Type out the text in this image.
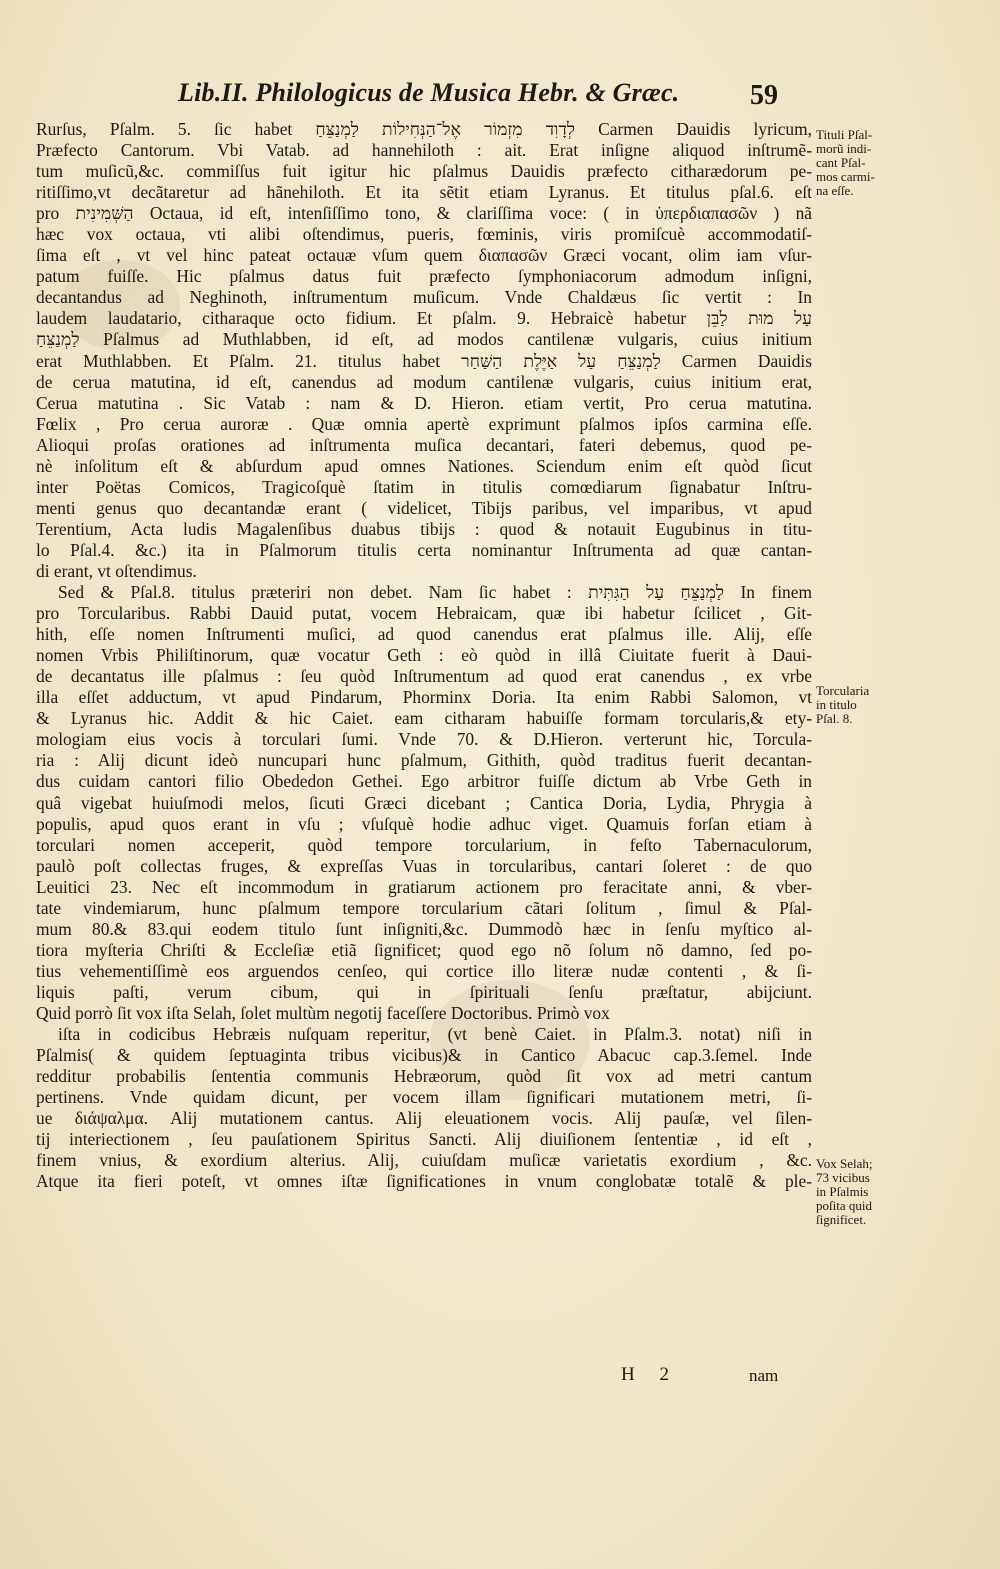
Lib.II. Philologicus de Musica Hebr. & Græc.	59
Rurſus, Pſalm. 5. ſic habet לְדָוִד מִזְמוֹר אֶל־הַנְּחִילוֹת לַמְנַצֵּחַ Carmen Dauidis lyricum,
Præfecto Cantorum. Vbi Vatab. ad hannehiloth : ait. Erat inſigne aliquod inſtrumẽ-
tum muſicũ,&c. commiſſus fuit igitur hic pſalmus Dauidis præfecto citharædorum pe-
ritiſſimo,vt decãtaretur ad hãnehiloth. Et ita sẽtit etiam Lyranus. Et titulus pſal.6. eſt
pro הַשְּׁמִינִית Octaua, id eſt, intenſiſſimo tono, & clariſſima voce: ( in ὑπερδιαπασῶν ) nã
hæc vox octaua, vti alibi oſtendimus, pueris, fœminis, viris promiſcuè accommodatiſ-
ſima eſt , vt vel hinc pateat octauæ vſum quem διαπασῶν Græci vocant, olim iam vſur-
patum fuiſſe. Hic pſalmus datus fuit præfecto ſymphoniacorum admodum inſigni,
decantandus ad Neghinoth, inſtrumentum muſicum. Vnde Chaldæus ſic vertit : In
laudem laudatario, citharaque octo fidium. Et pſalm. 9. Hebraicè habetur עַל מוּת לַבֵּן
לַמְנַצֵּחַ Pſalmus ad Muthlabben, id eſt, ad modos cantilenæ vulgaris, cuius initium
erat Muthlabben. Et Pſalm. 21. titulus habet לַמְנַצֵּחַ עַל אַיֶּלֶת הַשַּׁחַר Carmen Dauidis
de cerua matutina, id eſt, canendus ad modum cantilenæ vulgaris, cuius initium erat,
Cerua matutina . Sic Vatab : nam & D. Hieron. etiam vertit, Pro cerua matutina.
Fœlix , Pro cerua auroræ . Quæ omnia apertè exprimunt pſalmos ipſos carmina eſſe.
Alioqui proſas orationes ad inſtrumenta muſica decantari, fateri debemus, quod pe-
nè inſolitum eſt & abſurdum apud omnes Nationes. Sciendum enim eſt quòd ſicut
inter Poëtas Comicos, Tragicoſquè ſtatim in titulis comœdiarum ſignabatur Inſtru-
menti genus quo decantandæ erant ( videlicet, Tibijs paribus, vel imparibus, vt apud
Terentium, Acta ludis Magalenſibus duabus tibijs : quod & notauit Eugubinus in titu-
lo Pſal.4. &c.) ita in Pſalmorum titulis certa nominantur Inſtrumenta ad quæ cantan-
di erant, vt oſtendimus.
Sed & Pſal.8. titulus præteriri non debet. Nam ſic habet : לַמְנַצֵּחַ עַל הַגִּתִּית In finem
pro Torcularibus. Rabbi Dauid putat, vocem Hebraicam, quæ ibi habetur ſcilicet , Git-
hith, eſſe nomen Inſtrumenti muſici, ad quod canendus erat pſalmus ille. Alij, eſſe
nomen Vrbis Philiſtinorum, quæ vocatur Geth : eò quòd in illâ Ciuitate fuerit à Daui-
de decantatus ille pſalmus : ſeu quòd Inſtrumentum ad quod erat canendus , ex vrbe
illa eſſet adductum, vt apud Pindarum, Phorminx Doria. Ita enim Rabbi Salomon, vt
& Lyranus hic. Addit & hic Caiet. eam citharam habuiſſe formam torcularis,& ety-
mologiam eius vocis à torculari ſumi. Vnde 70. & D.Hieron. verterunt hic, Torcula-
ria : Alij dicunt ideò nuncupari hunc pſalmum, Githith, quòd traditus fuerit decantan-
dus cuidam cantori filio Obededon Gethei. Ego arbitror fuiſſe dictum ab Vrbe Geth in
quâ vigebat huiuſmodi melos, ſicuti Græci dicebant ; Cantica Doria, Lydia, Phrygia à
populis, apud quos erant in vſu ; vſuſquè hodie adhuc viget. Quamuis forſan etiam à
torculari nomen acceperit, quòd tempore torcularium, in feſto Tabernaculorum,
paulò poſt collectas fruges, & expreſſas Vuas in torcularibus, cantari ſoleret : de quo
Leuitici 23. Nec eſt incommodum in gratiarum actionem pro feracitate anni, & vber-
tate vindemiarum, hunc pſalmum tempore torcularium cãtari ſolitum , ſimul & Pſal-
mum 80.& 83.qui eodem titulo ſunt inſigniti,&c. Dummodò hæc in ſenſu myſtico al-
tiora myſteria Chriſti & Eccleſiæ etiã ſignificet; quod ego nõ ſolum nõ damno, ſed po-
tius vehementiſſimè eos arguendos cenſeo, qui cortice illo literæ nudæ contenti , & ſi-
liquis paſti, verum cibum, qui in ſpirituali ſenſu præſtatur, abijciunt.
Quid porrò ſit vox iſta Selah, ſolet multùm negotij faceſſere Doctoribus. Primò vox
iſta in codicibus Hebræis nuſquam reperitur, (vt benè Caiet. in Pſalm.3. notat) niſi in
Pſalmis( & quidem ſeptuaginta tribus vicibus)& in Cantico Abacuc cap.3.ſemel. Inde
redditur probabilis ſententia communis Hebræorum, quòd ſit vox ad metri cantum
pertinens. Vnde quidam dicunt, per vocem illam ſignificari mutationem metri, ſi-
ue διάψαλμα. Alij mutationem cantus. Alij eleuationem vocis. Alij pauſæ, vel ſilen-
tij interiectionem , ſeu pauſationem Spiritus Sancti. Alij diuiſionem ſententiæ , id eſt ,
finem vnius, & exordium alterius. Alij, cuiuſdam muſicæ varietatis exordium , &c.
Atque ita fieri poteſt, vt omnes iſtæ ſignificationes in vnum conglobatæ totalẽ & ple-
Tituli Pſal-
morũ indi-
cant Pſal-
mos carmi-
na eſſe.
Torcularia
in titulo
Pſal. 8.
Vox Selah;
73 vicibus
in Pſalmis
poſita quid
ſignificet.
H 2	nam
